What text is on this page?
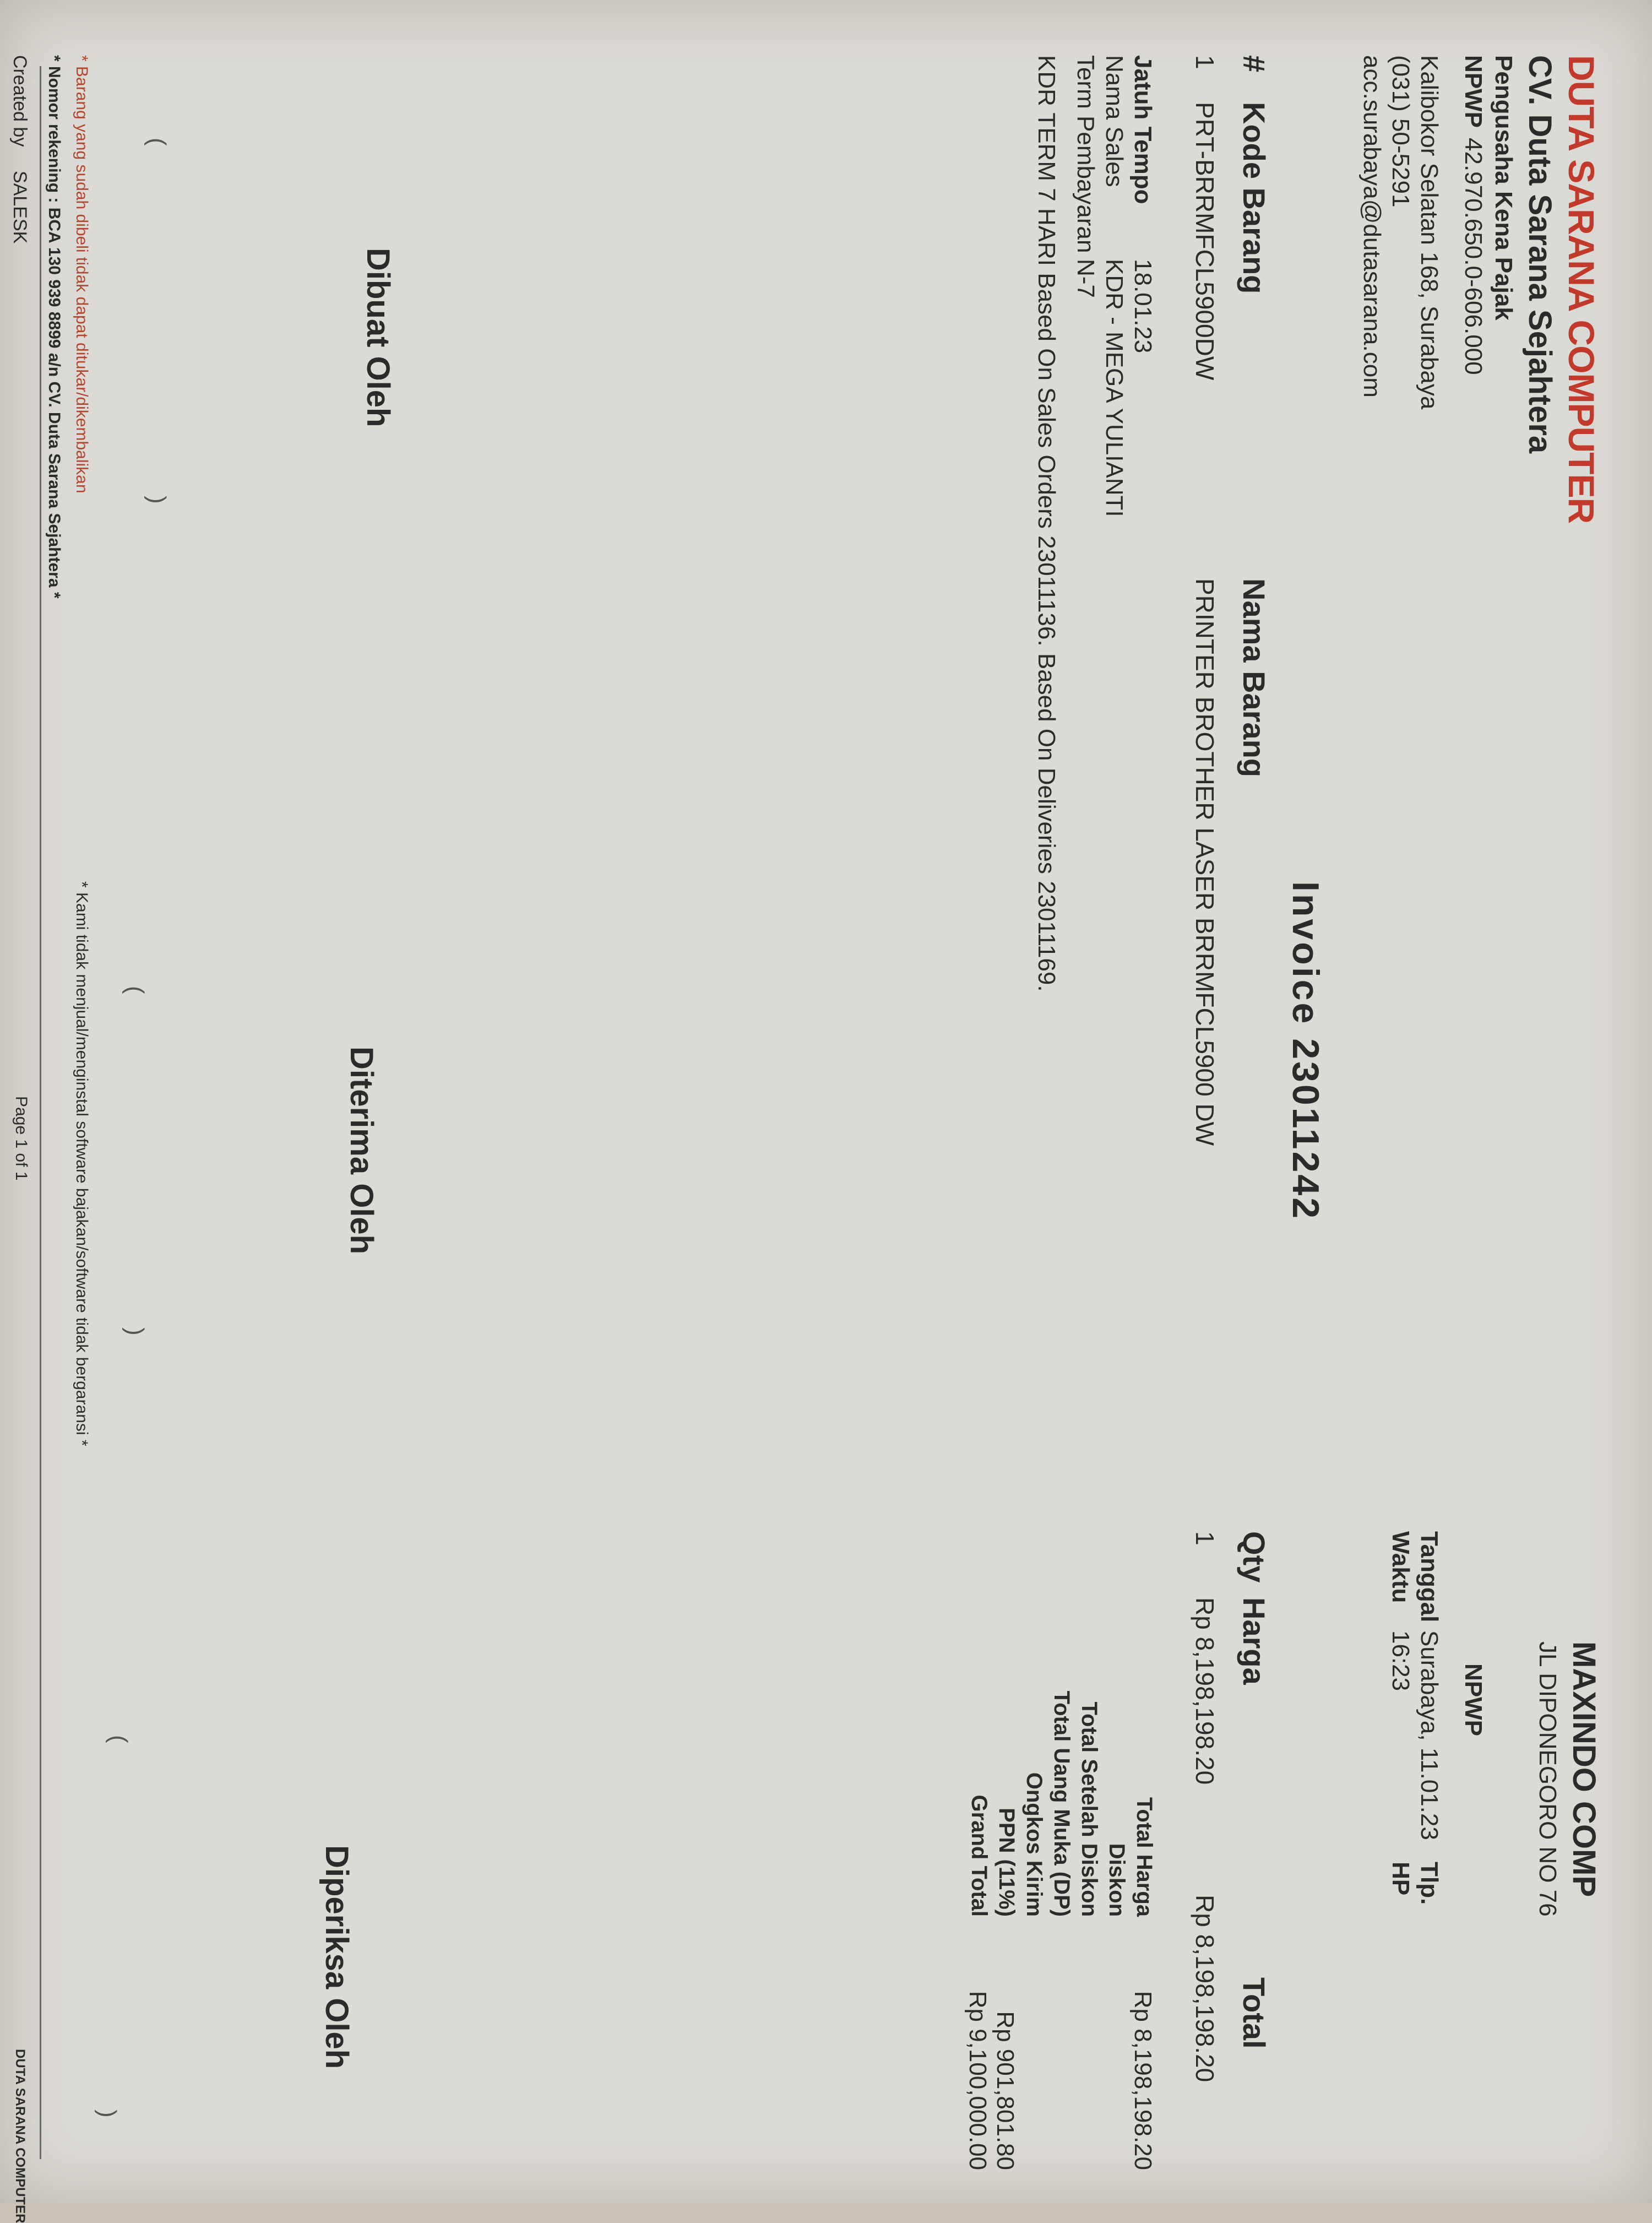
DUTA SARANA COMPUTER
CV. Duta Sarana Sejahtera
Pengusaha Kena Pajak
NPWP
42.970.650.0-606.000
Kalibokor Selatan 168, Surabaya
(031) 50-5291
acc.surabaya@dutasarana.com
MAXINDO COMP
JL DIPONEGORO NO 76
NPWP
Tlp.
HP
Tanggal
Surabaya, 11.01.23
Waktu
16:23
Invoice 23011242
#
Kode Barang
Nama Barang
Qty
Harga
Total
1
PRT-BRRMFCL5900DW
PRINTER BROTHER LASER BRRMFCL5900 DW
1
Rp 8,198,198.20
Rp 8,198,198.20
Jatuh Tempo
18.01.23
Nama Sales
KDR - MEGA YULIANTI
Term Pembayaran
N-7
KDR TERM 7 HARI Based On Sales Orders 23011136. Based On Deliveries 23011169.
Total Harga
Rp 8,198,198.20
Diskon
Total Setelah Diskon
Total Uang Muka (DP)
Ongkos Kirim
PPN (11%)
Rp 901,801.80
Grand Total
Rp 9,100,000.00
Dibuat Oleh
Diterima Oleh
Diperiksa Oleh
(
)
(
)
(
)
* Barang yang sudah dibeli tidak dapat ditukar/dikembalikan
* Kami tidak menjual/menginstal software bajakan/software tidak bergaransi *
* Nomor rekening : BCA 130 939 8899 a/n CV. Duta Sarana Sejahtera *
Created by
SALESK
Page 1 of 1
DUTA SARANA COMPUTER
